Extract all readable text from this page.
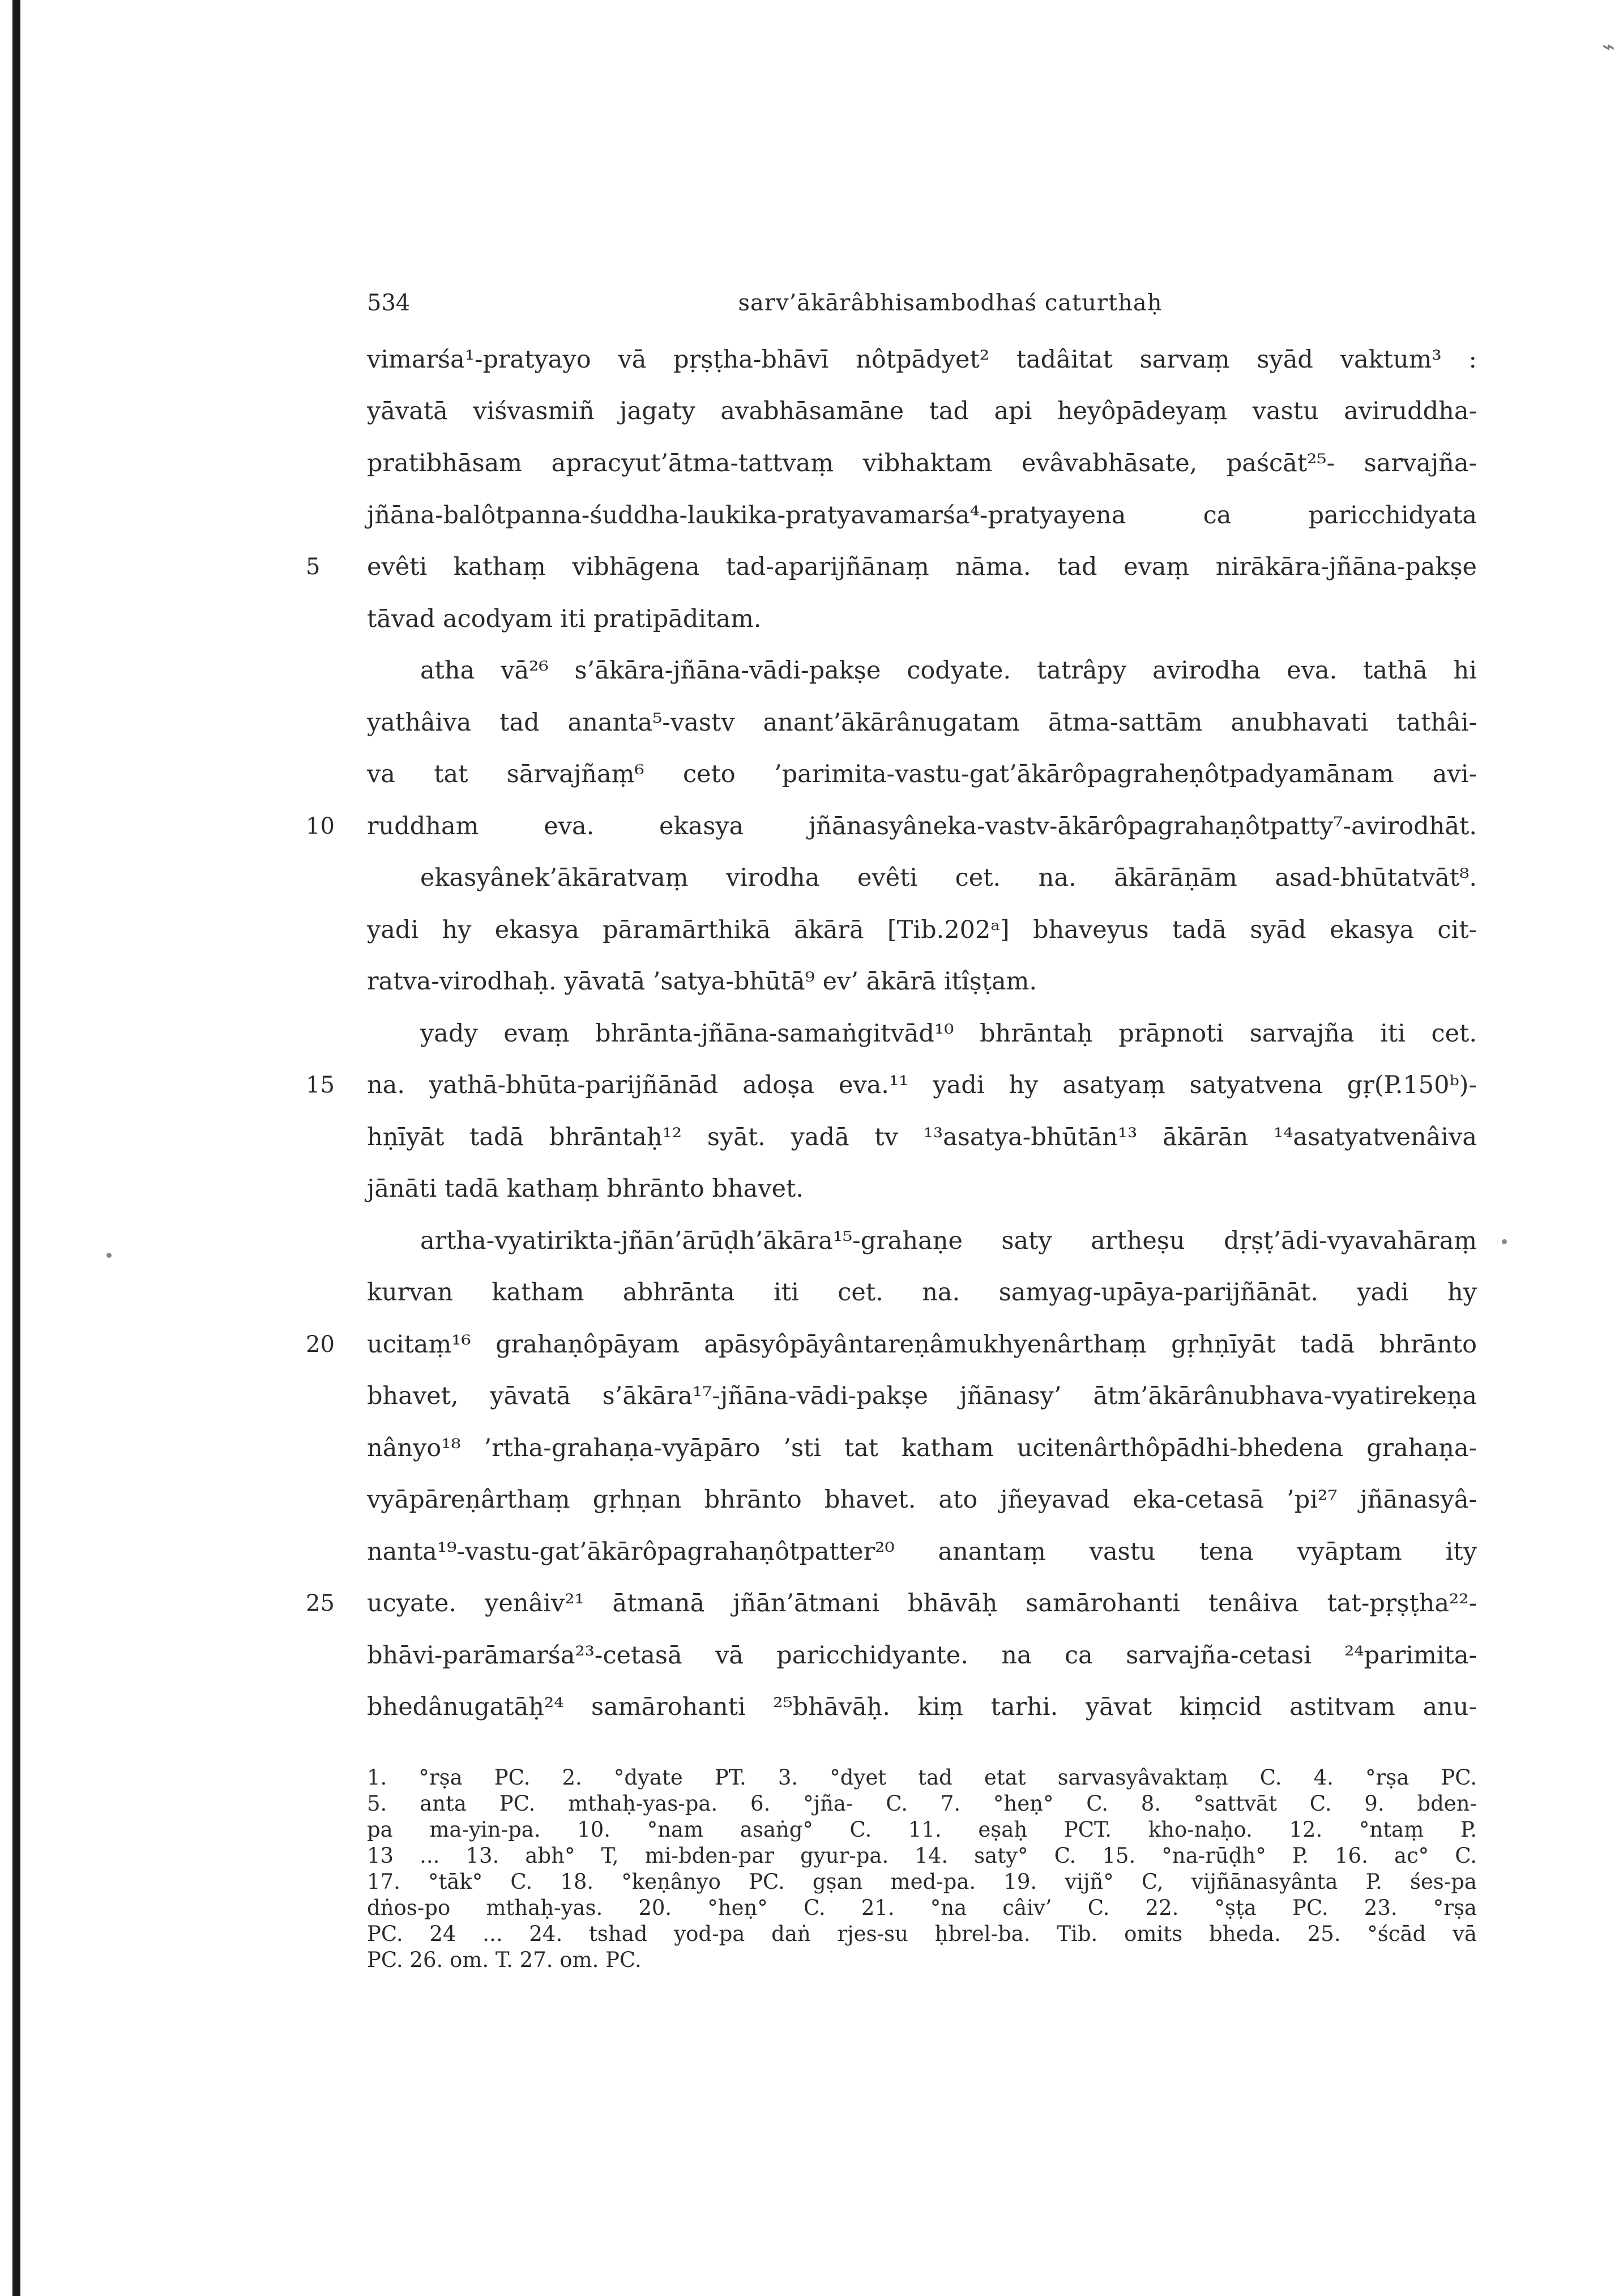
⌁
534	sarv’ākārâbhisambodhaś caturthaḥ
vimarśa¹-pratyayo vā pṛṣṭha-bhāvī nôtpādyet² tadâitat sarvaṃ syād vaktum³ :
yāvatā viśvasmiñ jagaty avabhāsamāne tad api heyôpādeyaṃ vastu aviruddha-
pratibhāsam apracyut’ātma-tattvaṃ vibhaktam evâvabhāsate, paścāt²⁵- sarvajña-
jñāna-balôtpanna-śuddha-laukika-pratyavamarśa⁴-pratyayena ca paricchidyata
5	evêti kathaṃ vibhāgena tad-aparijñānaṃ nāma. tad evaṃ nirākāra-jñāna-pakṣe
tāvad acodyam iti pratipāditam.
atha vā²⁶ s’ākāra-jñāna-vādi-pakṣe codyate. tatrâpy avirodha eva. tathā hi
yathâiva tad ananta⁵-vastv anant’ākārânugatam ātma-sattām anubhavati tathâi-
va tat sārvajñaṃ⁶ ceto ’parimita-vastu-gat’ākārôpagraheṇôtpadyamānam avi-
10	ruddham eva. ekasya jñānasyâneka-vastv-ākārôpagrahaṇôtpatty⁷-avirodhāt.
ekasyânek’ākāratvaṃ virodha evêti cet. na. ākārāṇām asad-bhūtatvāt⁸.
yadi hy ekasya pāramārthikā ākārā [Tib.202ᵃ] bhaveyus tadā syād ekasya cit-
ratva-virodhaḥ. yāvatā ’satya-bhūtā⁹ ev’ ākārā itîṣṭam.
yady evaṃ bhrānta-jñāna-samaṅgitvād¹⁰ bhrāntaḥ prāpnoti sarvajña iti cet.
15	na. yathā-bhūta-parijñānād adoṣa eva.¹¹ yadi hy asatyaṃ satyatvena gṛ(P.150ᵇ)-
hṇīyāt tadā bhrāntaḥ¹² syāt. yadā tv ¹³asatya-bhūtān¹³ ākārān ¹⁴asatyatvenâiva
jānāti tadā kathaṃ bhrānto bhavet.
artha-vyatirikta-jñān’ārūḍh’ākāra¹⁵-grahaṇe saty artheṣu dṛṣṭ’ādi-vyavahāraṃ
kurvan katham abhrānta iti cet. na. samyag-upāya-parijñānāt. yadi hy
20	ucitaṃ¹⁶ grahaṇôpāyam apāsyôpāyântareṇâmukhyenârthaṃ gṛhṇīyāt tadā bhrānto
bhavet, yāvatā s’ākāra¹⁷-jñāna-vādi-pakṣe jñānasy’ ātm’ākārânubhava-vyatirekeṇa
nânyo¹⁸ ’rtha-grahaṇa-vyāpāro ’sti tat katham ucitenârthôpādhi-bhedena grahaṇa-
vyāpāreṇârthaṃ gṛhṇan bhrānto bhavet. ato jñeyavad eka-cetasā ’pi²⁷ jñānasyâ-
nanta¹⁹-vastu-gat’ākārôpagrahaṇôtpatter²⁰ anantaṃ vastu tena vyāptam ity
25	ucyate. yenâiv²¹ ātmanā jñān’ātmani bhāvāḥ samārohanti tenâiva tat-pṛṣṭha²²-
bhāvi-parāmarśa²³-cetasā vā paricchidyante. na ca sarvajña-cetasi ²⁴parimita-
bhedânugatāḥ²⁴ samārohanti ²⁵bhāvāḥ. kiṃ tarhi. yāvat kiṃcid astitvam anu-
1. °rṣa PC. 2. °dyate PT. 3. °dyet tad etat sarvasyâvaktaṃ C. 4. °rṣa PC.
5. anta PC. mthaḥ-yas-pa. 6. °jña- C. 7. °heṇ° C. 8. °sattvāt C. 9. bden-
pa ma-yin-pa. 10. °nam asaṅg° C. 11. eṣaḥ PCT. kho-naḥo. 12. °ntaṃ P.
13 ... 13. abh° T, mi-bden-par gyur-pa. 14. saty° C. 15. °na-rūḍh° P. 16. ac° C.
17. °tāk° C. 18. °keṇânyo PC. gṣan med-pa. 19. vijñ° C, vijñānasyânta P. śes-pa
dṅos-po mthaḥ-yas. 20. °heṇ° C. 21. °na câiv’ C. 22. °ṣṭa PC. 23. °rṣa
PC. 24 ... 24. tshad yod-pa daṅ rjes-su ḥbrel-ba. Tib. omits bheda. 25. °ścād vā
PC. 26. om. T. 27. om. PC.
